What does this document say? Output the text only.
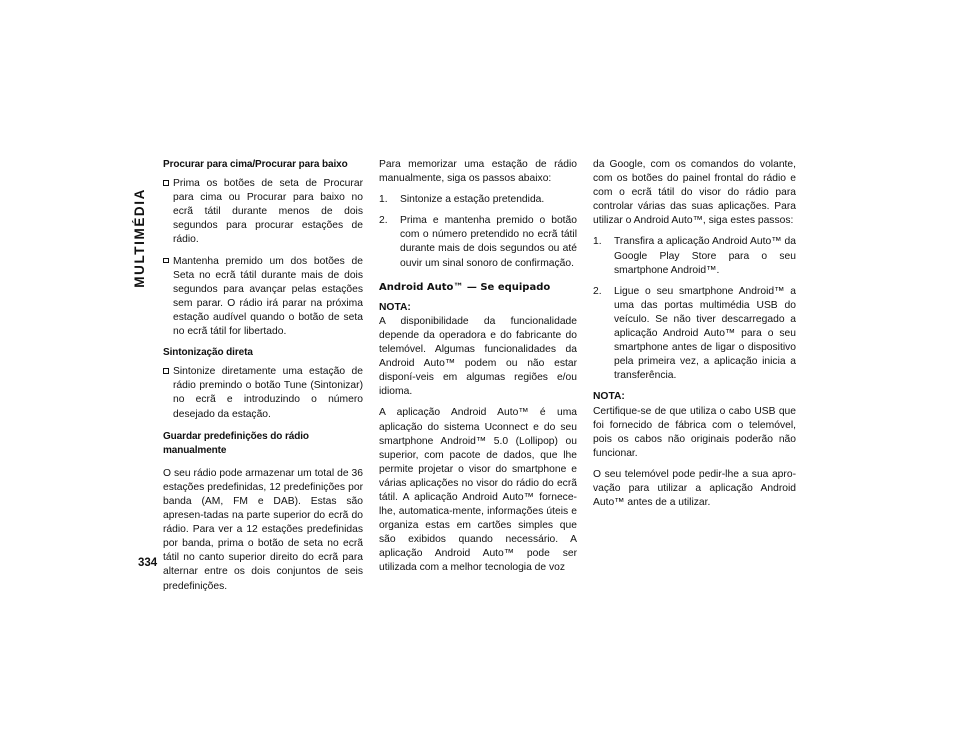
MULTIMÉDIA
334
Procurar para cima/Procurar para baixo
Prima os botões de seta de Procurar para cima ou Procurar para baixo no ecrã tátil durante menos de dois segundos para procurar estações de rádio.
Mantenha premido um dos botões de Seta no ecrã tátil durante mais de dois segundos para avançar pelas estações sem parar. O rádio irá parar na próxima estação audível quando o botão de seta no ecrã tátil for libertado.
Sintonização direta
Sintonize diretamente uma estação de rádio premindo o botão Tune (Sintonizar) no ecrã e introduzindo o número desejado da estação.
Guardar predefinições do rádio manualmente

O seu rádio pode armazenar um total de 36 estações predefinidas, 12 predefinições por banda (AM, FM e DAB). Estas são apresen-tadas na parte superior do ecrã do rádio. Para ver a 12 estações predefinidas por banda, prima o botão de seta no ecrã tátil no canto superior direito do ecrã para alternar entre os dois conjuntos de seis predefinições.

Para memorizar uma estação de rádio manualmente, siga os passos abaixo:

1. Sintonize a estação pretendida.
2. Prima e mantenha premido o botão com o número pretendido no ecrã tátil durante mais de dois segundos ou até ouvir um sinal sonoro de confirmação.
Android Auto™ — Se equipado
NOTA:

A disponibilidade da funcionalidade depende da operadora e do fabricante do telemóvel. Algumas funcionalidades da Android Auto™ podem ou não estar disponí-veis em algumas regiões e/ou idioma.

A aplicação Android Auto™ é uma aplicação do sistema Uconnect e do seu smartphone Android™ 5.0 (Lollipop) ou superior, com pacote de dados, que lhe permite projetar o visor do smartphone e várias aplicações no visor do rádio do ecrã tátil. A aplicação Android Auto™ fornece-lhe, automatica-mente, informações úteis e organiza estas em cartões simples que são exibidos quando necessário. A aplicação Android Auto™ pode ser utilizada com a melhor tecnologia de voz

da Google, com os comandos do volante, com os botões do painel frontal do rádio e com o ecrã tátil do visor do rádio para controlar várias das suas aplicações. Para utilizar o Android Auto™, siga estes passos:

1. Transfira a aplicação Android Auto™ da Google Play Store para o seu smartphone Android™.
2. Ligue o seu smartphone Android™ a uma das portas multimédia USB do veículo. Se não tiver descarregado a aplicação Android Auto™ para o seu smartphone antes de ligar o dispositivo pela primeira vez, a aplicação inicia a transferência.
NOTA:

Certifique-se de que utiliza o cabo USB que foi fornecido de fábrica com o telemóvel, pois os cabos não originais poderão não funcionar.

O seu telemóvel pode pedir-lhe a sua apro-vação para utilizar a aplicação Android Auto™ antes de a utilizar.
